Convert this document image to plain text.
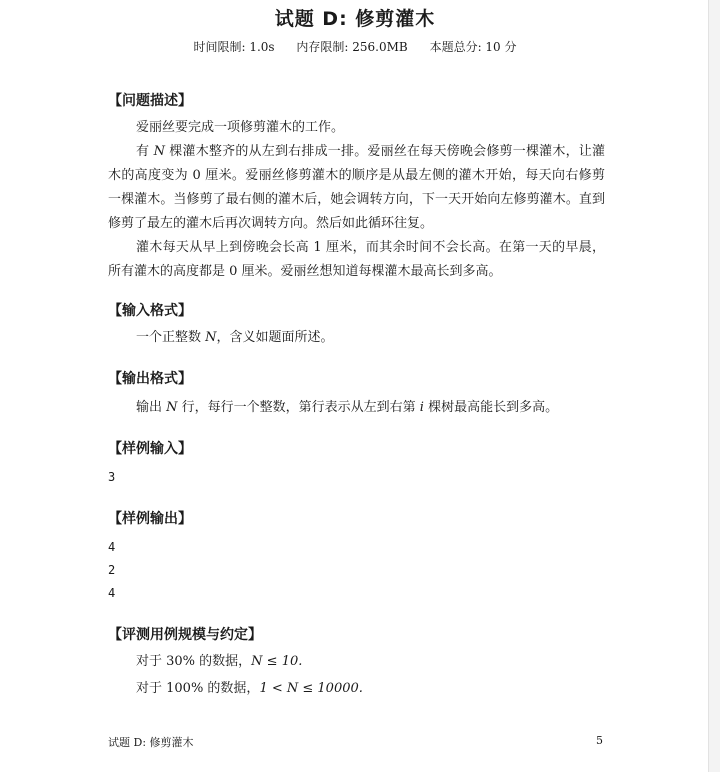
试题 D: 修剪灌木
时间限制: 1.0s 内存限制: 256.0MB 本题总分: 10 分
【问题描述】
爱丽丝要完成一项修剪灌木的工作。
有 N 棵灌木整齐的从左到右排成一排。爱丽丝在每天傍晚会修剪一棵灌木，让灌木的高度变为 0 厘米。爱丽丝修剪灌木的顺序是从最左侧的灌木开始，每天向右修剪一棵灌木。当修剪了最右侧的灌木后，她会调转方向，下一天开始向左修剪灌木。直到修剪了最左的灌木后再次调转方向。然后如此循环往复。
灌木每天从早上到傍晚会长高 1 厘米，而其余时间不会长高。在第一天的早晨，所有灌木的高度都是 0 厘米。爱丽丝想知道每棵灌木最高长到多高。
【输入格式】
一个正整数 N，含义如题面所述。
【输出格式】
输出 N 行，每行一个整数，第行表示从左到右第 i 棵树最高能长到多高。
【样例输入】
3
【样例输出】
4
2
4
【评测用例规模与约定】
对于 30% 的数据，N ≤ 10.
对于 100% 的数据，1 < N ≤ 10000.
试题 D: 修剪灌木	5
